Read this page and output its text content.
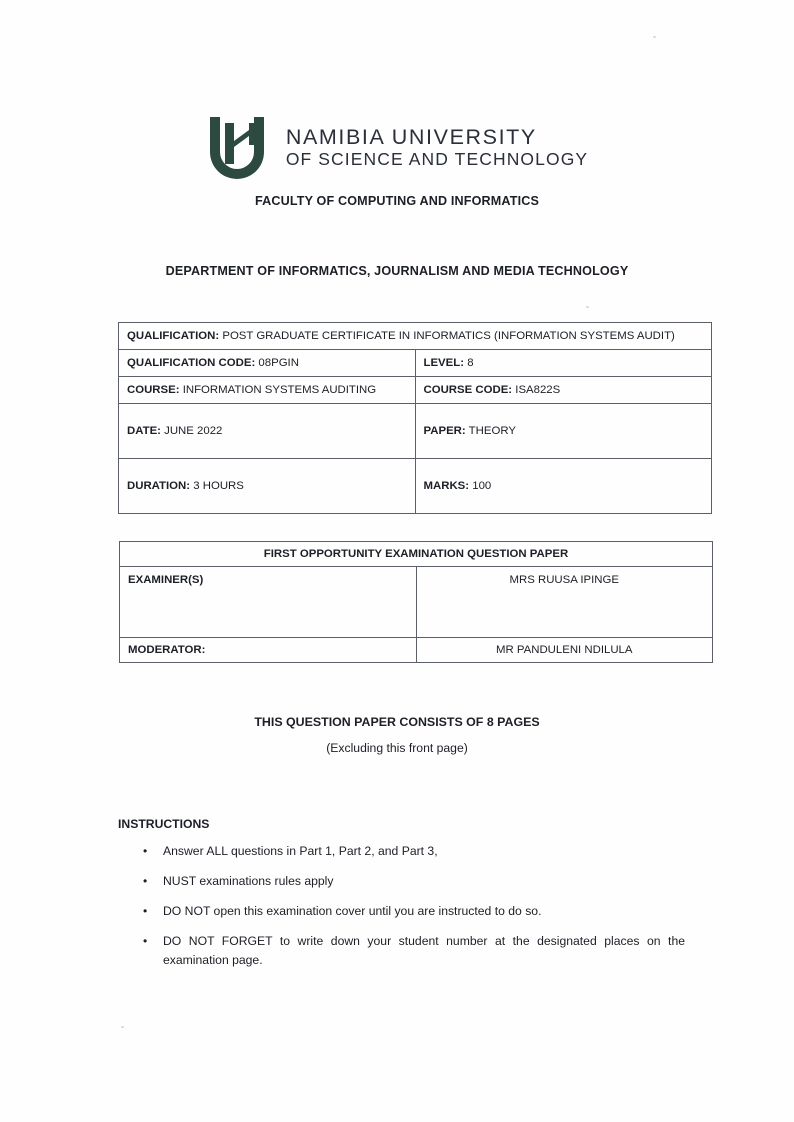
NAMIBIA UNIVERSITY
OF SCIENCE AND TECHNOLOGY
FACULTY OF COMPUTING AND INFORMATICS
DEPARTMENT OF INFORMATICS, JOURNALISM AND MEDIA TECHNOLOGY
QUALIFICATION: POST GRADUATE CERTIFICATE IN INFORMATICS (INFORMATION SYSTEMS AUDIT)	
QUALIFICATION CODE: 08PGIN	LEVEL: 8
COURSE: INFORMATION SYSTEMS AUDITING	COURSE CODE: ISA822S
DATE: JUNE 2022	PAPER: THEORY
DURATION: 3 HOURS	MARKS: 100
FIRST OPPORTUNITY EXAMINATION QUESTION PAPER	
EXAMINER(S)	MRS RUUSA IPINGE
MODERATOR:	MR PANDULENI NDILULA
THIS QUESTION PAPER CONSISTS OF 8 PAGES
(Excluding this front page)
INSTRUCTIONS
• Answer ALL questions in Part 1, Part 2, and Part 3,
• NUST examinations rules apply
• DO NOT open this examination cover until you are instructed to do so.
• DO NOT FORGET to write down your student number at the designated places on the examination page.
